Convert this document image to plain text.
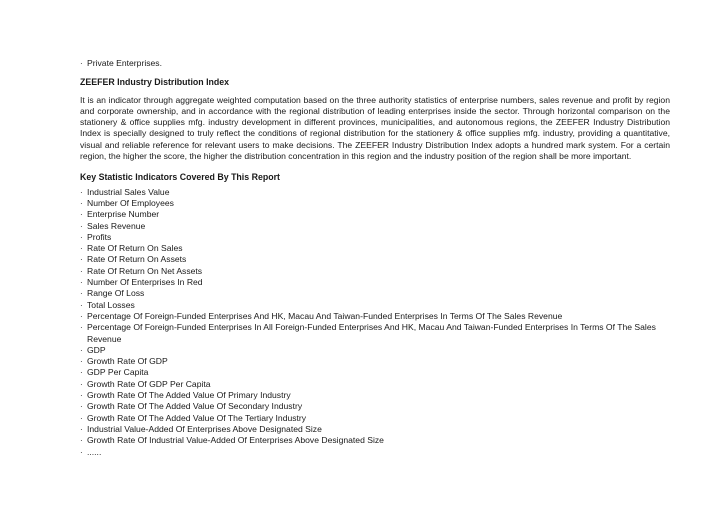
· Private Enterprises.

ZEEFER Industry Distribution Index

It is an indicator through aggregate weighted computation based on the three authority statistics of enterprise numbers, sales revenue and profit by region and corporate ownership, and in accordance with the regional distribution of leading enterprises inside the sector. Through horizontal comparison on the stationery & office supplies mfg. industry development in different provinces, municipalities, and autonomous regions, the ZEEFER Industry Distribution Index is specially designed to truly reflect the conditions of regional distribution for the stationery & office supplies mfg. industry, providing a quantitative, visual and reliable reference for relevant users to make decisions. The ZEEFER Industry Distribution Index adopts a hundred mark system. For a certain region, the higher the score, the higher the distribution concentration in this region and the industry position of the region shall be more important.

Key Statistic Indicators Covered By This Report

· Industrial Sales Value
· Number Of Employees
· Enterprise Number
· Sales Revenue
· Profits
· Rate Of Return On Sales
· Rate Of Return On Assets
· Rate Of Return On Net Assets
· Number Of Enterprises In Red
· Range Of Loss
· Total Losses
· Percentage Of Foreign-Funded Enterprises And HK, Macau And Taiwan-Funded Enterprises In Terms Of The Sales Revenue
· Percentage Of Foreign-Funded Enterprises In All Foreign-Funded Enterprises And HK, Macau And Taiwan-Funded Enterprises In Terms Of The Sales Revenue
· GDP
· Growth Rate Of GDP
· GDP Per Capita
· Growth Rate Of GDP Per Capita
· Growth Rate Of The Added Value Of Primary Industry
· Growth Rate Of The Added Value Of Secondary Industry
· Growth Rate Of The Added Value Of The Tertiary Industry
· Industrial Value-Added Of Enterprises Above Designated Size
· Growth Rate Of Industrial Value-Added Of Enterprises Above Designated Size
· ......
